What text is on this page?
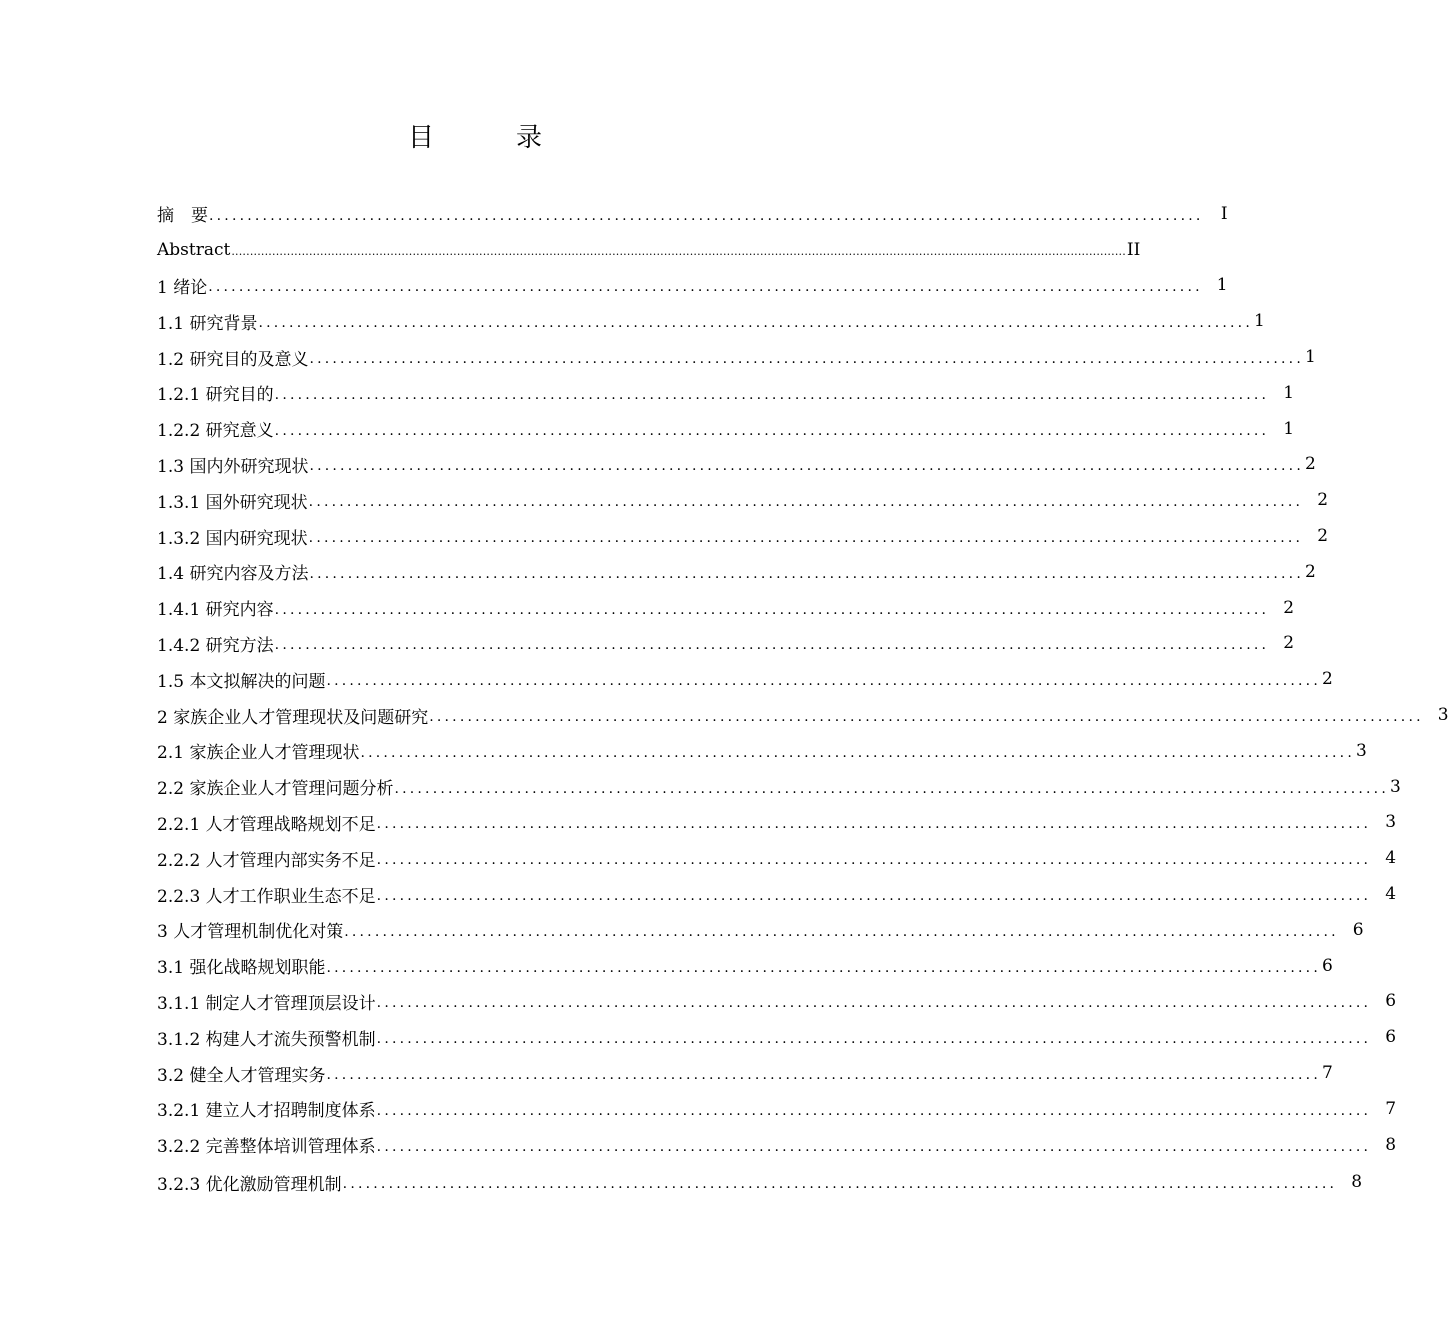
目　录
摘　要 .................................................................................................................................. I
Abstract .................................................................................................................................................................................................................................................. II
1 绪论 .................................................................................................................................. 1
1.1 研究背景 .................................................................................................................................. 1
1.2 研究目的及意义 .................................................................................................................................. 1
1.2.1 研究目的 .................................................................................................................................. 1
1.2.2 研究意义 .................................................................................................................................. 1
1.3 国内外研究现状 .................................................................................................................................. 2
1.3.1 国外研究现状 .................................................................................................................................. 2
1.3.2 国内研究现状 .................................................................................................................................. 2
1.4 研究内容及方法 .................................................................................................................................. 2
1.4.1 研究内容 .................................................................................................................................. 2
1.4.2 研究方法 .................................................................................................................................. 2
1.5 本文拟解决的问题 .................................................................................................................................. 2
2 家族企业人才管理现状及问题研究 .................................................................................................................................. 3
2.1 家族企业人才管理现状 .................................................................................................................................. 3
2.2 家族企业人才管理问题分析 .................................................................................................................................. 3
2.2.1 人才管理战略规划不足 .................................................................................................................................. 3
2.2.2 人才管理内部实务不足 .................................................................................................................................. 4
2.2.3 人才工作职业生态不足 .................................................................................................................................. 4
3 人才管理机制优化对策 .................................................................................................................................. 6
3.1 强化战略规划职能 .................................................................................................................................. 6
3.1.1 制定人才管理顶层设计 .................................................................................................................................. 6
3.1.2 构建人才流失预警机制 .................................................................................................................................. 6
3.2 健全人才管理实务 .................................................................................................................................. 7
3.2.1 建立人才招聘制度体系 .................................................................................................................................. 7
3.2.2 完善整体培训管理体系 .................................................................................................................................. 8
3.2.3 优化激励管理机制 .................................................................................................................................. 8
